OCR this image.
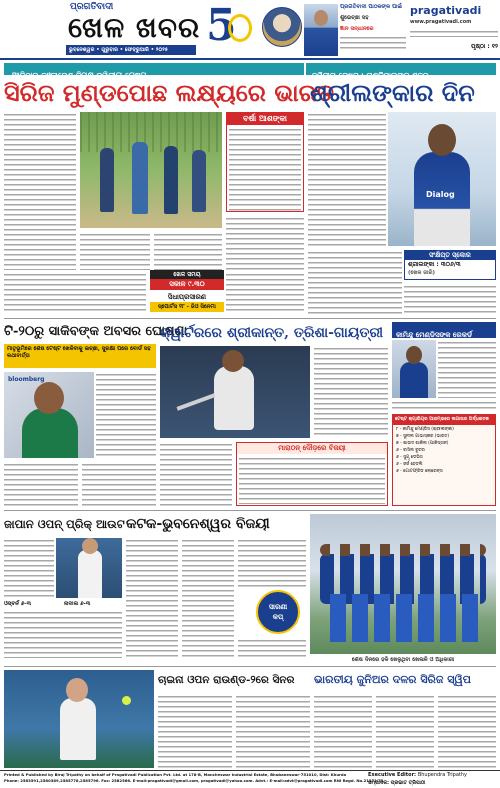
ପ୍ରଗତିବାଦୀ
ଖେଳ ଖବର
ଭୁବନେଶ୍ୱର • ଗୁରୁବାର • ଫେବ୍ରୁଆରି • ୨୦୨୫ 5	ପ୍ରଗତିବାଦୀ ପାଠକଙ୍କ ପାଇଁ
ଶୁଭେଚ୍ଛା ସହ
ଜ୍ଞାନ ସନ୍ଧାନରେ
pragativadi
www.pragativadi.com
ପୃଷ୍ଠା : ୧୨
ଆଜିଠାରୁ ବାଂଲାଦେଶ ବିପକ୍ଷ ଦ୍ୱିତୀୟ ଟେଷ୍ଟ	ଦ୍ୱିତୀୟ ଟେଷ୍ଟ : ଚାଣ୍ଡିମାଲଙ୍କ ଶତକ
ସିରିଜ ମୁଣ୍ଡପୋଛ ଲକ୍ଷ୍ୟରେ ଭାରତ
ଶ୍ରୀଲଙ୍କାର ଦିନ
ବର୍ଷା ଆଶଙ୍କା
ଖେଳ ସମୟ
ସକାଳ ୯.୩୦
ସିଧାପ୍ରସାରଣ
ସ୍ପୋର୍ଟସ ୧୮ - ଜିଓ ସିନେମା
Dialog
ସଂକ୍ଷିପ୍ତ ସ୍କୋର
ଶ୍ରୀଲଙ୍କା : ୩୦୬/୩
(ଖେଳ ଜାରି)
ଟି-୨୦ରୁ ସାକିବଙ୍କ ଅବସର ଘୋଷଣା
ମାତୃଭୂମିରେ ଶେଷ ଟେଷ୍ଟ ଖେଳିବାକୁ ଇଚ୍ଛା, ସୁରକ୍ଷା ପରେ ବୋର୍ଡ ସହ କଥାବାର୍ତ୍ତା
bloomberg
କ୍ୱାର୍ଟରରେ ଶ୍ରୀକାନ୍ତ, ତ୍ରିଶା-ଗାୟତ୍ରୀ
ମାରାଠନ୍ ଦୌଡ଼ରେ ବିଜୟୀ
କାମିନ୍ଦୁ ମେଣ୍ଡିସଙ୍କ ରେକର୍ଡ
ଟେଷ୍ଟ କ୍ୟାରିୟର ଆରମ୍ଭରେ ଲଗାତାର ଅର୍ଦ୍ଧଶତକ
୮ - କାମିନ୍ଦୁ ମେଣ୍ଡିସ (ଶ୍ରୀଲଙ୍କା)
୭ - ସୁନୀଲ ଗାଭାସ୍କର (ଭାରତ)
୭ - ଶାଉଦ ଶାକିଲ (ପାକିସ୍ତାନ)
୬ - ବାସିଲ ବୁଚର
୬ - ସୁଗୃ ଡେଭିସ
୬ - ଜର୍ଜ ହେଡଲି
୬ - ଗୋଟଫ୍ରିଡ ଲୋରେନ୍ସ
ଜାପାନ ଓପନ୍ ପ୍ରିକ୍ ଆଉଟ
ଓସ୍ବର୍ନ ୬-୩	ନାଦାଲ ୬-୩
କଟକ-ଭୁବନେଶ୍ୱର ବିଜୟୀ
ସାରଣୀ
କପ୍
ଶେଷ ଦିନରେ ହକି ଖେଳୁଥିବା ଖେଳାଳି ଓ ଅଧିକାରୀ
ଚାଇନା ଓପନ ରାଉଣ୍ଡ-୨ରେ ସିନର	ଭାରତୀୟ ଜୁନିଅର ଦଳର ସିରିଜ ସ୍ୱିପ
Printed & Published by Biraj Tripathy on behalf of Pragativadi Publication Pvt. Ltd. at 178-B, Mancheswar Industrial Estate, Bhubaneswar-751010, Dist: Khurda
Phone: 2583591,2580389,2585778,2585796. Fax: 2582566. E-mail:pragativadi@gmail.com, pragativadi@yahoo.com. Advt.: E-mail:advt@pragativadi.com RNI Regd. No.21271/73
Executive Editor: Bhupendra Tripathy
ସମ୍ପାଦକ: ପ୍ରଭାତ ତ୍ରିପାଠୀ
